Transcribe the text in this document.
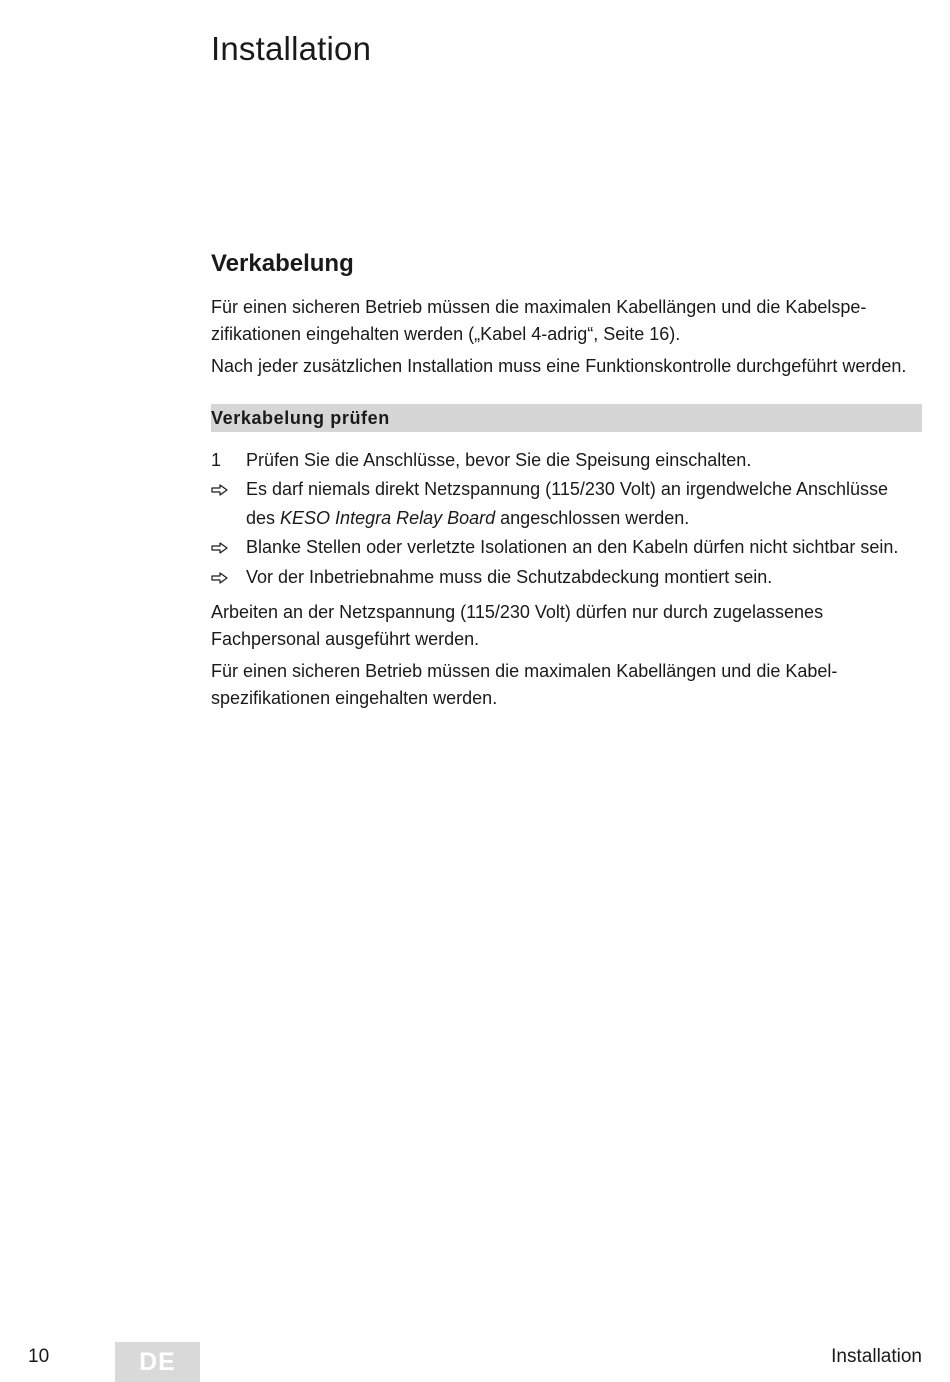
Installation
Verkabelung

Für einen sicheren Betrieb müssen die maximalen Kabellängen und die Kabelspe-zifikationen eingehalten werden („Kabel 4-adrig“, Seite 16).

Nach jeder zusätzlichen Installation muss eine Funktionskontrolle durchgeführt werden.

Verkabelung prüfen
1	Prüfen Sie die Anschlüsse, bevor Sie die Speisung einschalten.
Es darf niemals direkt Netzspannung (115/230 Volt) an irgendwelche Anschlüsse des KESO Integra Relay Board angeschlossen werden.
Blanke Stellen oder verletzte Isolationen an den Kabeln dürfen nicht sichtbar sein.
Vor der Inbetriebnahme muss die Schutzabdeckung montiert sein.

Arbeiten an der Netzspannung (115/230 Volt) dürfen nur durch zugelassenes Fachpersonal ausgeführt werden.

Für einen sicheren Betrieb müssen die maximalen Kabellängen und die Kabel-spezifikationen eingehalten werden.

10	DE	Installation
